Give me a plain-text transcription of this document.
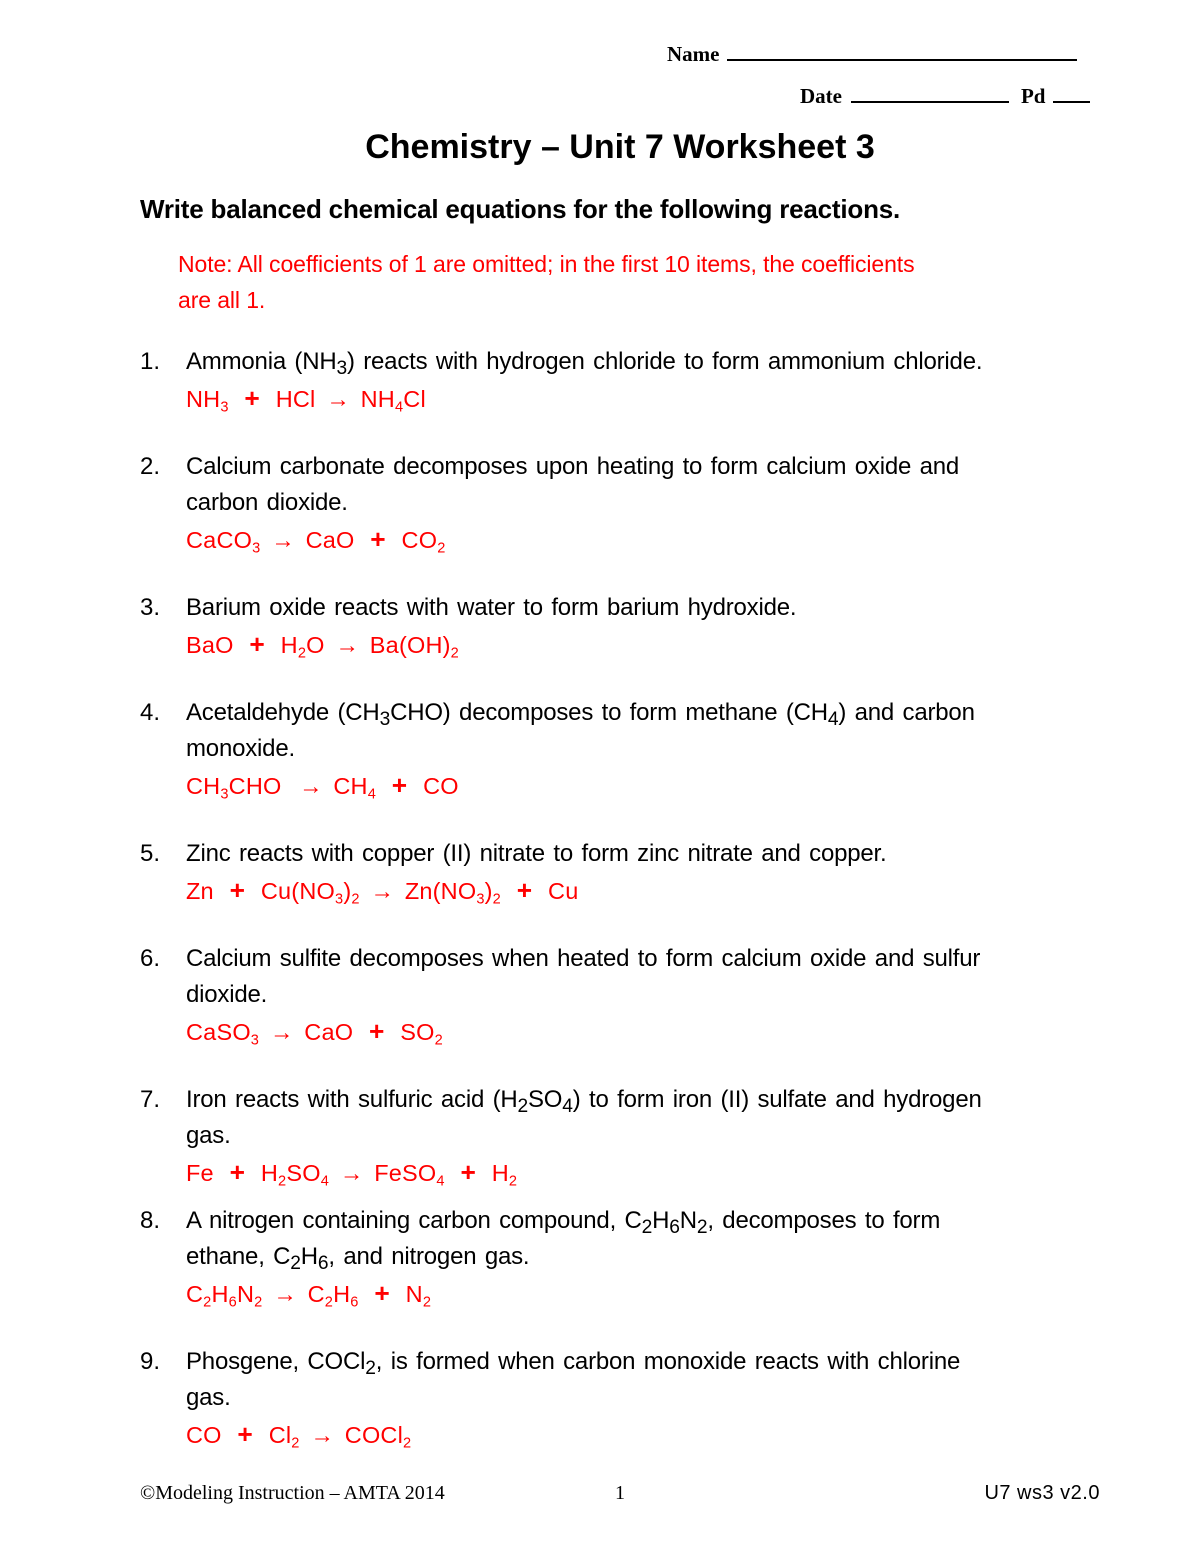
Name
Date	Pd
Chemistry – Unit 7 Worksheet 3
Write balanced chemical equations for the following reactions.
Note: All coefficients of 1 are omitted; in the first 10 items, the coefficients
are all 1.
1.	Ammonia $(NH_3)$ reacts with hydrogen chloride to form ammonium chloride.
$NH_3$ + HCl → $NH_4Cl$
2.	Calcium carbonate decomposes upon heating to form calcium oxide and
carbon dioxide.
CaCO$_3$ → CaO + $CO_2$
3.	Barium oxide reacts with water to form barium hydroxide.
BaO + $H_2O \to Ba(OH)_2$
4.	Acetaldehyde $(CH_3CHO)$ decomposes to form methane $(CH_4)$ and carbon
monoxide.
$CH_3CHO \to CH_4$ + CO
5.	Zinc reacts with copper (II) nitrate to form zinc nitrate and copper.
$Zn + Cu(NO_3)_2 \to Zn(NO_3)_2 + Cu$
6.	Calcium sulfite decomposes when heated to form calcium oxide and sulfur
dioxide.
CaSO$_3$ → CaO + $SO_2$
7.	Iron reacts with sulfuric acid $(H_2SO_4)$ to form iron (II) sulfate and hydrogen
gas.
$Fe + H_2SO_4$ → FeSO$_4$ + $H_2$
8.	A nitrogen containing carbon compound, $C_2H_6N_2$, decomposes to form
ethane, $C_2H_6$, and nitrogen gas.
$C_2H_6N_2 \to C_2H_6 + N_2$
9.	Phosgene, COCl$_2$, is formed when carbon monoxide reacts with chlorine
gas.
CO + $Cl_2$ → COCl$_2$
©Modeling Instruction – AMTA 2014	1	U7 ws3 v2.0
